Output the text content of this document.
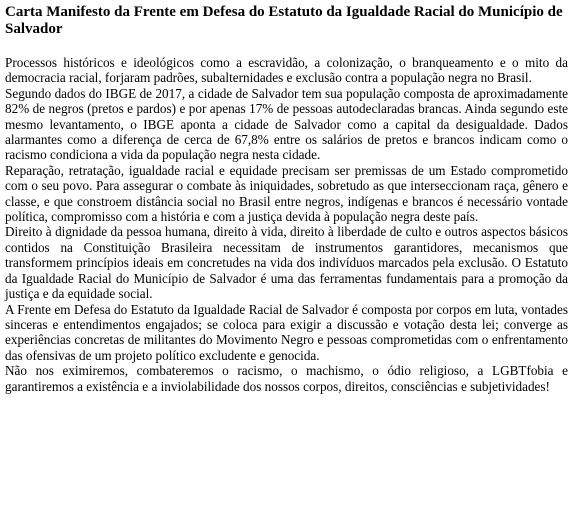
Carta Manifesto da Frente em Defesa do Estatuto da Igualdade Racial do Município de Salvador

Processos históricos e ideológicos como a escravidão, a colonização, o branqueamento e o mito da democracia racial, forjaram padrões, subalternidades e exclusão contra a população negra no Brasil.

Segundo dados do IBGE de 2017, a cidade de Salvador tem sua população composta de aproximadamente 82% de negros (pretos e pardos) e por apenas 17% de pessoas autodeclaradas brancas. Ainda segundo este mesmo levantamento, o IBGE aponta a cidade de Salvador como a capital da desigualdade. Dados alarmantes como a diferença de cerca de 67,8% entre os salários de pretos e brancos indicam como o racismo condiciona a vida da população negra nesta cidade.

Reparação, retratação, igualdade racial e equidade precisam ser premissas de um Estado comprometido com o seu povo. Para assegurar o combate às iniquidades, sobretudo as que interseccionam raça, gênero e classe, e que constroem distância social no Brasil entre negros, indígenas e brancos é necessário vontade política, compromisso com a história e com a justiça devida à população negra deste país.

Direito à dignidade da pessoa humana, direito à vida, direito à liberdade de culto e outros aspectos básicos contidos na Constituição Brasileira necessitam de instrumentos garantidores, mecanismos que transformem princípios ideais em concretudes na vida dos indivíduos marcados pela exclusão. O Estatuto da Igualdade Racial do Município de Salvador é uma das ferramentas fundamentais para a promoção da justiça e da equidade social.

A Frente em Defesa do Estatuto da Igualdade Racial de Salvador é composta por corpos em luta, vontades sinceras e entendimentos engajados; se coloca para exigir a discussão e votação desta lei; converge as experiências concretas de militantes do Movimento Negro e pessoas comprometidas com o enfrentamento das ofensivas de um projeto político excludente e genocida.

Não nos eximiremos, combateremos o racismo, o machismo, o ódio religioso, a LGBTfobia e garantiremos a existência e a inviolabilidade dos nossos corpos, direitos, consciências e subjetividades!
